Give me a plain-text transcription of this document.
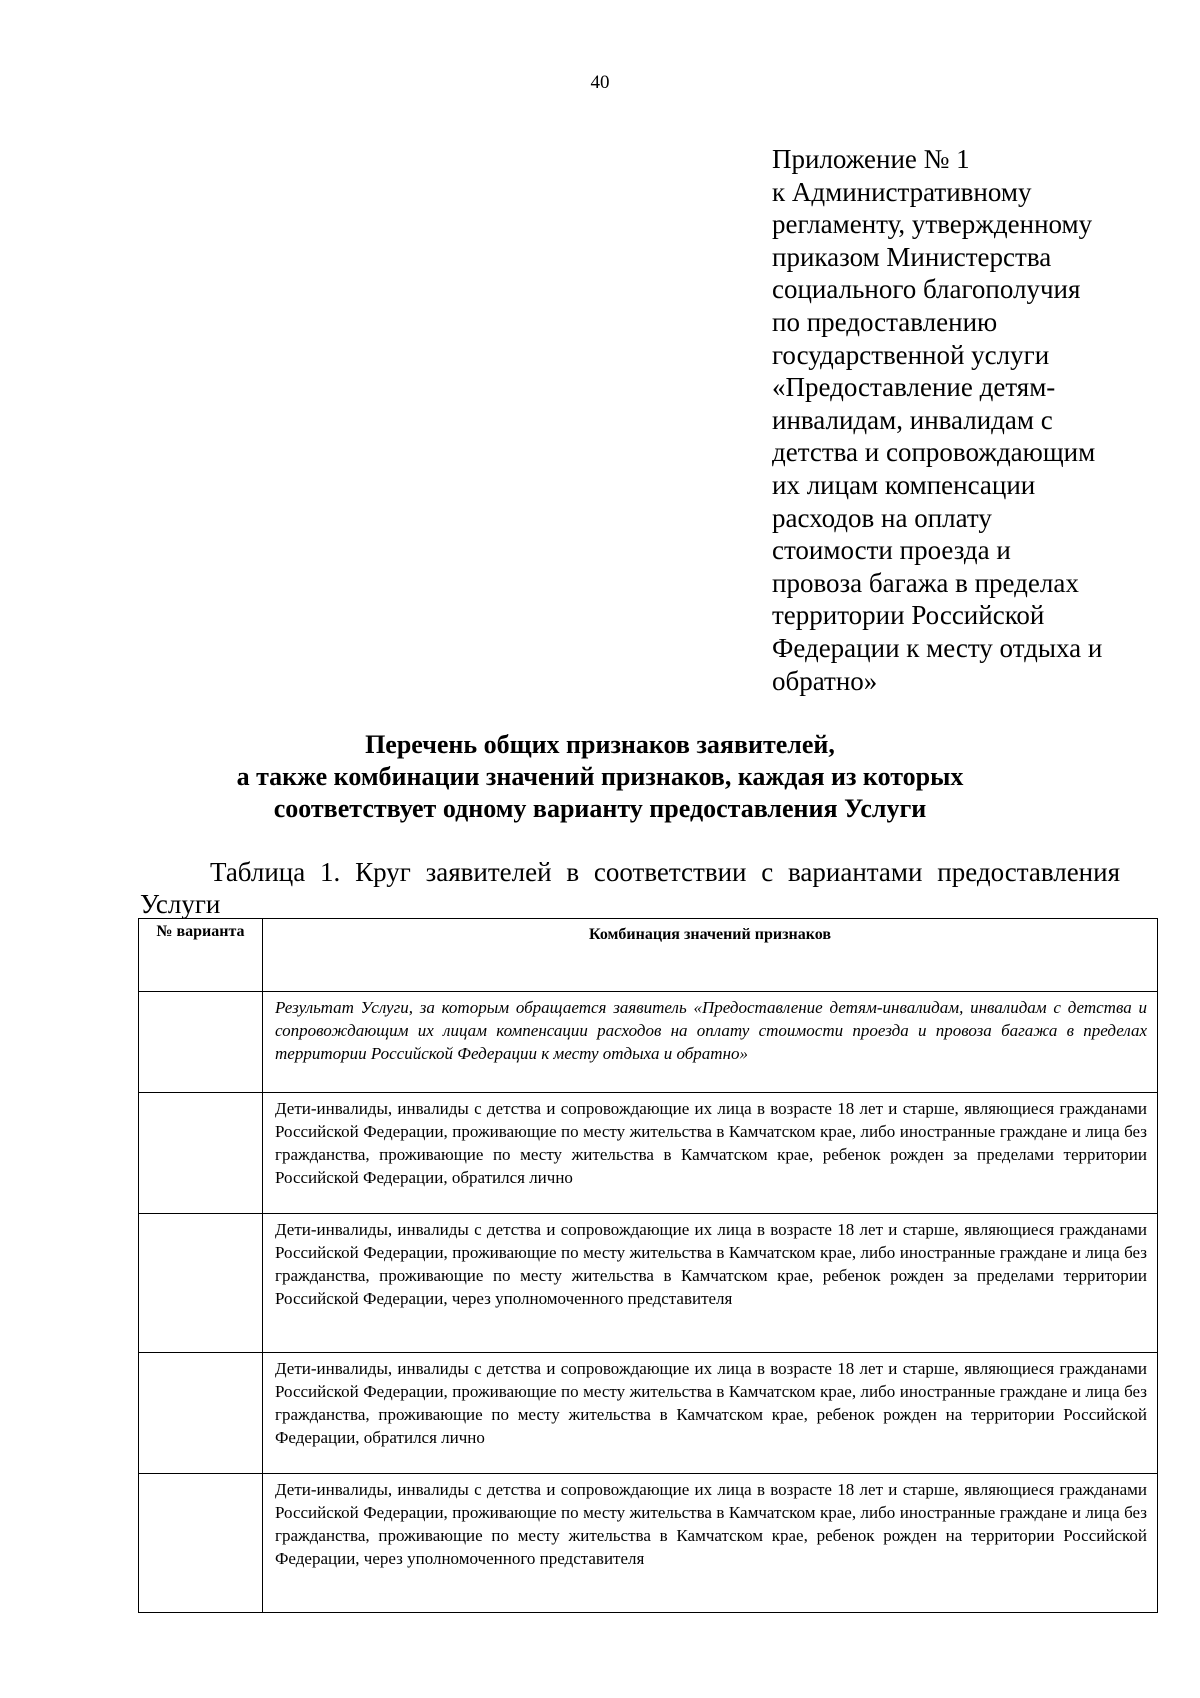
40
Приложение № 1
к Административному
регламенту, утвержденному
приказом Министерства
социального благополучия
по предоставлению
государственной услуги
«Предоставление детям-
инвалидам, инвалидам с
детства и сопровождающим
их лицам компенсации
расходов на оплату
стоимости проезда и
провоза багажа в пределах
территории Российской
Федерации к месту отдыха и
обратно»
Перечень общих признаков заявителей,
а также комбинации значений признаков, каждая из которых
соответствует одному варианту предоставления Услуги
Таблица 1. Круг заявителей в соответствии с вариантами предоставления
Услуги
№ варианта	Комбинация значений признаков
	Результат Услуги, за которым обращается заявитель «Предоставление детям-инвалидам, инвалидам с детства и сопровождающим их лицам компенсации расходов на оплату стоимости проезда и провоза багажа в пределах территории Российской Федерации к месту отдыха и обратно»
	Дети-инвалиды, инвалиды с детства и сопровождающие их лица в возрасте 18 лет и старше, являющиеся гражданами Российской Федерации, проживающие по месту жительства в Камчатском крае, либо иностранные граждане и лица без гражданства, проживающие по месту жительства в Камчатском крае, ребенок рожден за пределами территории Российской Федерации, обратился лично
	Дети-инвалиды, инвалиды с детства и сопровождающие их лица в возрасте 18 лет и старше, являющиеся гражданами Российской Федерации, проживающие по месту жительства в Камчатском крае, либо иностранные граждане и лица без гражданства, проживающие по месту жительства в Камчатском крае, ребенок рожден за пределами территории Российской Федерации, через уполномоченного представителя
	Дети-инвалиды, инвалиды с детства и сопровождающие их лица в возрасте 18 лет и старше, являющиеся гражданами Российской Федерации, проживающие по месту жительства в Камчатском крае, либо иностранные граждане и лица без гражданства, проживающие по месту жительства в Камчатском крае, ребенок рожден на территории Российской Федерации, обратился лично
	Дети-инвалиды, инвалиды с детства и сопровождающие их лица в возрасте 18 лет и старше, являющиеся гражданами Российской Федерации, проживающие по месту жительства в Камчатском крае, либо иностранные граждане и лица без гражданства, проживающие по месту жительства в Камчатском крае, ребенок рожден на территории Российской Федерации, через уполномоченного представителя
